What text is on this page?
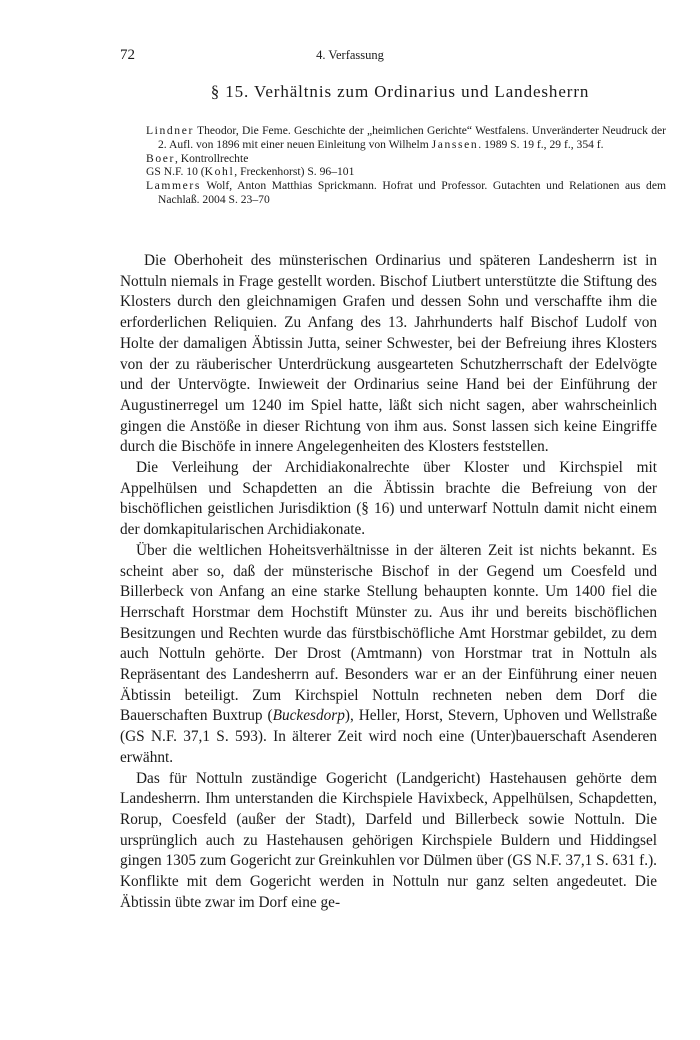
72	4. Verfassung
§ 15. Verhältnis zum Ordinarius und Landesherrn

Lindner Theodor, Die Feme. Geschichte der „heimlichen Gerichte“ Westfalens. Unveränderter Neudruck der 2. Aufl. von 1896 mit einer neuen Einleitung von Wilhelm Janssen. 1989 S. 19 f., 29 f., 354 f.

Boer, Kontrollrechte

GS N.F. 10 (Kohl, Freckenhorst) S. 96–101

Lammers Wolf, Anton Matthias Sprickmann. Hofrat und Professor. Gutachten und Relationen aus dem Nachlaß. 2004 S. 23–70

Die Oberhoheit des münsterischen Ordinarius und späteren Landesherrn ist in Nottuln niemals in Frage gestellt worden. Bischof Liutbert unterstützte die Stiftung des Klosters durch den gleichnamigen Grafen und dessen Sohn und verschaffte ihm die erforderlichen Reliquien. Zu Anfang des 13. Jahrhunderts half Bischof Ludolf von Holte der damaligen Äbtissin Jutta, seiner Schwester, bei der Befreiung ihres Klosters von der zu räuberischer Unterdrückung ausgearteten Schutzherrschaft der Edelvögte und der Untervögte. Inwieweit der Ordinarius seine Hand bei der Einführung der Augustinerregel um 1240 im Spiel hatte, läßt sich nicht sagen, aber wahrscheinlich gingen die Anstöße in dieser Richtung von ihm aus. Sonst lassen sich keine Eingriffe durch die Bischöfe in innere Angelegenheiten des Klosters feststellen.

Die Verleihung der Archidiakonalrechte über Kloster und Kirchspiel mit Appelhülsen und Schapdetten an die Äbtissin brachte die Befreiung von der bischöflichen geistlichen Jurisdiktion (§ 16) und unterwarf Nottuln damit nicht einem der domkapitularischen Archidiakonate.

Über die weltlichen Hoheitsverhältnisse in der älteren Zeit ist nichts bekannt. Es scheint aber so, daß der münsterische Bischof in der Gegend um Coesfeld und Billerbeck von Anfang an eine starke Stellung behaupten konnte. Um 1400 fiel die Herrschaft Horstmar dem Hochstift Münster zu. Aus ihr und bereits bischöflichen Besitzungen und Rechten wurde das fürstbischöfliche Amt Horstmar gebildet, zu dem auch Nottuln gehörte. Der Drost (Amtmann) von Horstmar trat in Nottuln als Repräsentant des Landesherrn auf. Besonders war er an der Einführung einer neuen Äbtissin beteiligt. Zum Kirchspiel Nottuln rechneten neben dem Dorf die Bauerschaften Buxtrup (Buckesdorp), Heller, Horst, Stevern, Uphoven und Wellstraße (GS N.F. 37,1 S. 593). In älterer Zeit wird noch eine (Unter)bauerschaft Asenderen erwähnt.

Das für Nottuln zuständige Gogericht (Landgericht) Hastehausen gehörte dem Landesherrn. Ihm unterstanden die Kirchspiele Havixbeck, Appelhülsen, Schapdetten, Rorup, Coesfeld (außer der Stadt), Darfeld und Billerbeck sowie Nottuln. Die ursprünglich auch zu Hastehausen gehörigen Kirchspiele Buldern und Hiddingsel gingen 1305 zum Gogericht zur Greinkuhlen vor Dülmen über (GS N.F. 37,1 S. 631 f.). Konflikte mit dem Gogericht werden in Nottuln nur ganz selten angedeutet. Die Äbtissin übte zwar im Dorf eine ge-
